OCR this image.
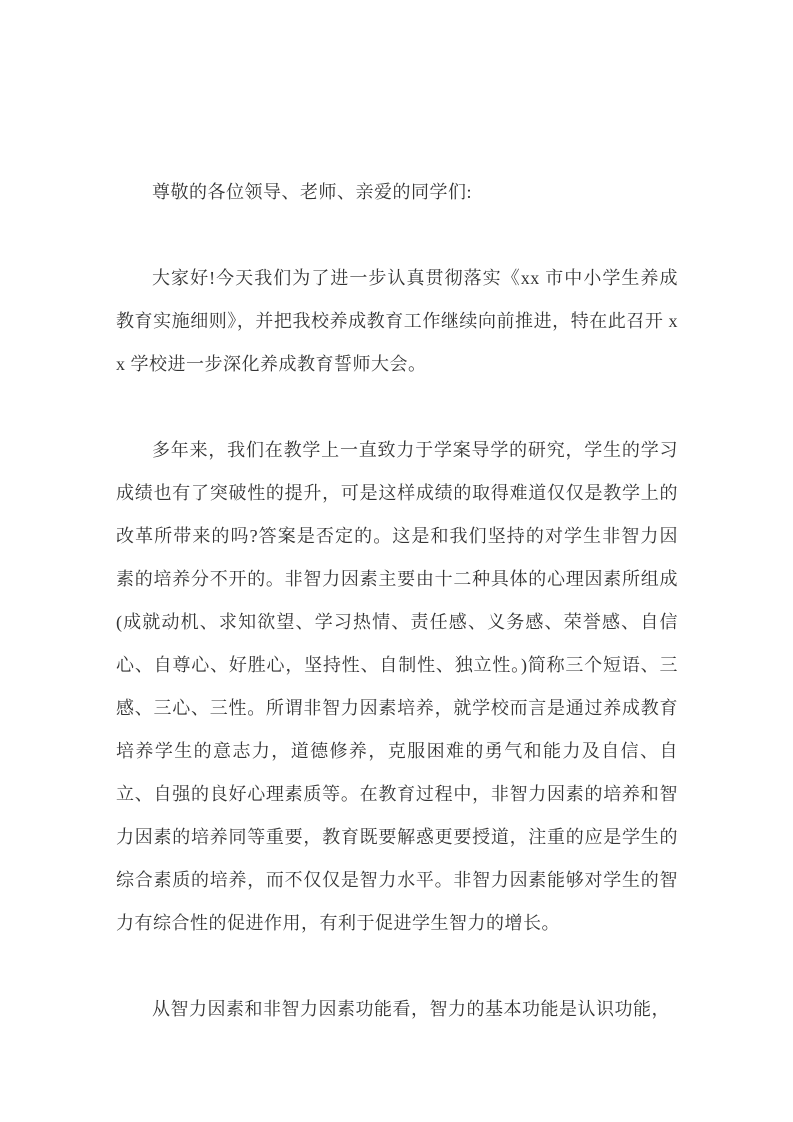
尊敬的各位领导、老师、亲爱的同学们:

大家好!今天我们为了进一步认真贯彻落实《xx 市中小学生养成教育实施细则》，并把我校养成教育工作继续向前推进，特在此召开 xx 学校进一步深化养成教育誓师大会。

多年来，我们在教学上一直致力于学案导学的研究，学生的学习成绩也有了突破性的提升，可是这样成绩的取得难道仅仅是教学上的改革所带来的吗?答案是否定的。这是和我们坚持的对学生非智力因素的培养分不开的。非智力因素主要由十二种具体的心理因素所组成(成就动机、求知欲望、学习热情、责任感、义务感、荣誉感、自信心、自尊心、好胜心，坚持性、自制性、独立性。)简称三个短语、三感、三心、三性。所谓非智力因素培养，就学校而言是通过养成教育培养学生的意志力，道德修养，克服困难的勇气和能力及自信、自立、自强的良好心理素质等。在教育过程中，非智力因素的培养和智力因素的培养同等重要，教育既要解惑更要授道，注重的应是学生的综合素质的培养，而不仅仅是智力水平。非智力因素能够对学生的智力有综合性的促进作用，有利于促进学生智力的增长。

从智力因素和非智力因素功能看，智力的基本功能是认识功能，
